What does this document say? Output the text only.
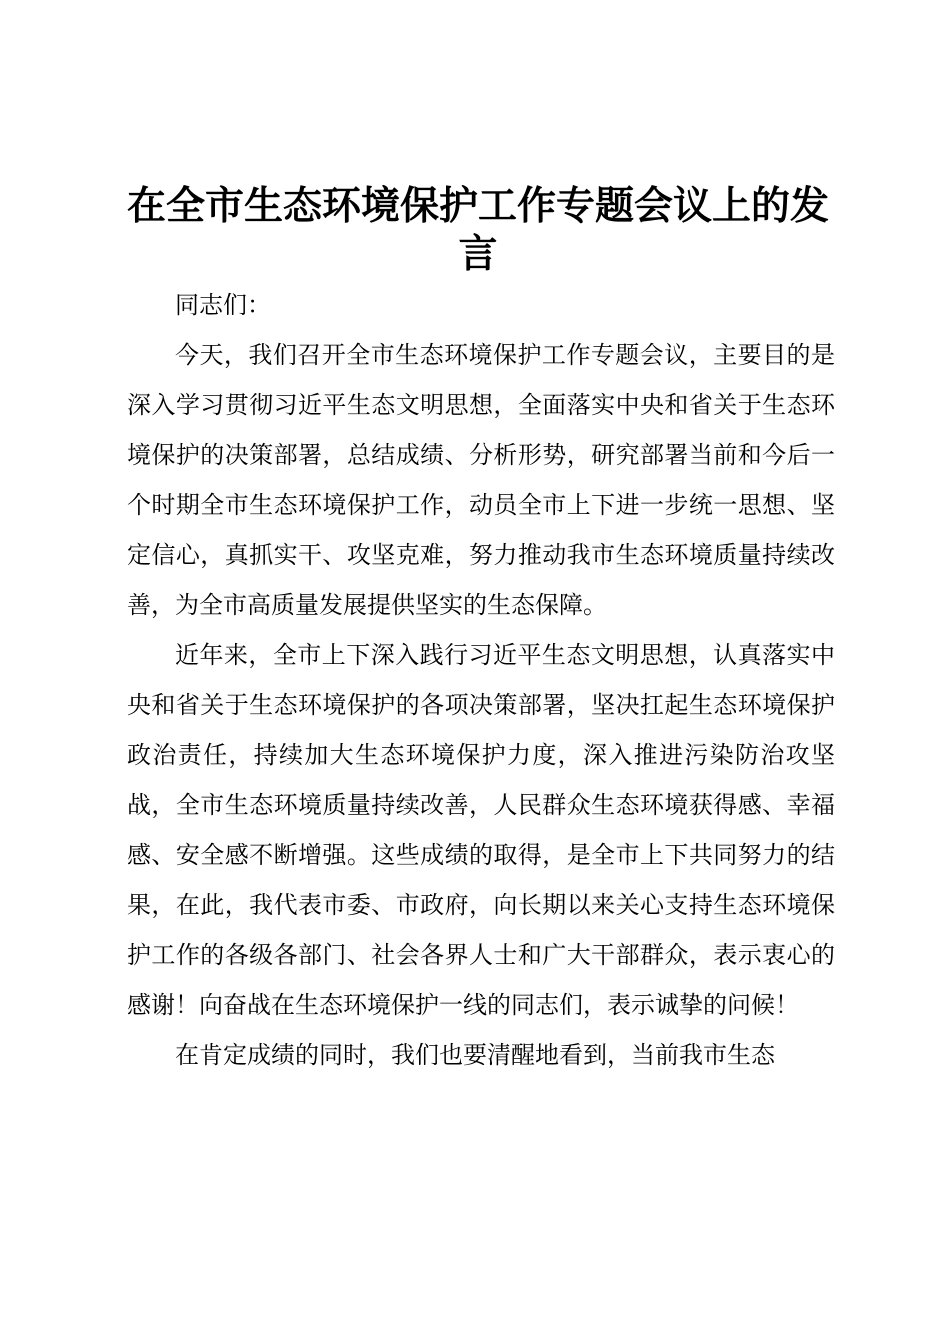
在全市生态环境保护工作专题会议上的发言

同志们：

今天，我们召开全市生态环境保护工作专题会议，主要目的是深入学习贯彻习近平生态文明思想，全面落实中央和省关于生态环境保护的决策部署，总结成绩、分析形势，研究部署当前和今后一个时期全市生态环境保护工作，动员全市上下进一步统一思想、坚定信心，真抓实干、攻坚克难，努力推动我市生态环境质量持续改善，为全市高质量发展提供坚实的生态保障。

近年来，全市上下深入践行习近平生态文明思想，认真落实中央和省关于生态环境保护的各项决策部署，坚决扛起生态环境保护政治责任，持续加大生态环境保护力度，深入推进污染防治攻坚战，全市生态环境质量持续改善，人民群众生态环境获得感、幸福感、安全感不断增强。这些成绩的取得，是全市上下共同努力的结果，在此，我代表市委、市政府，向长期以来关心支持生态环境保护工作的各级各部门、社会各界人士和广大干部群众，表示衷心的感谢！向奋战在生态环境保护一线的同志们，表示诚挚的问候！

在肯定成绩的同时，我们也要清醒地看到，当前我市生态
